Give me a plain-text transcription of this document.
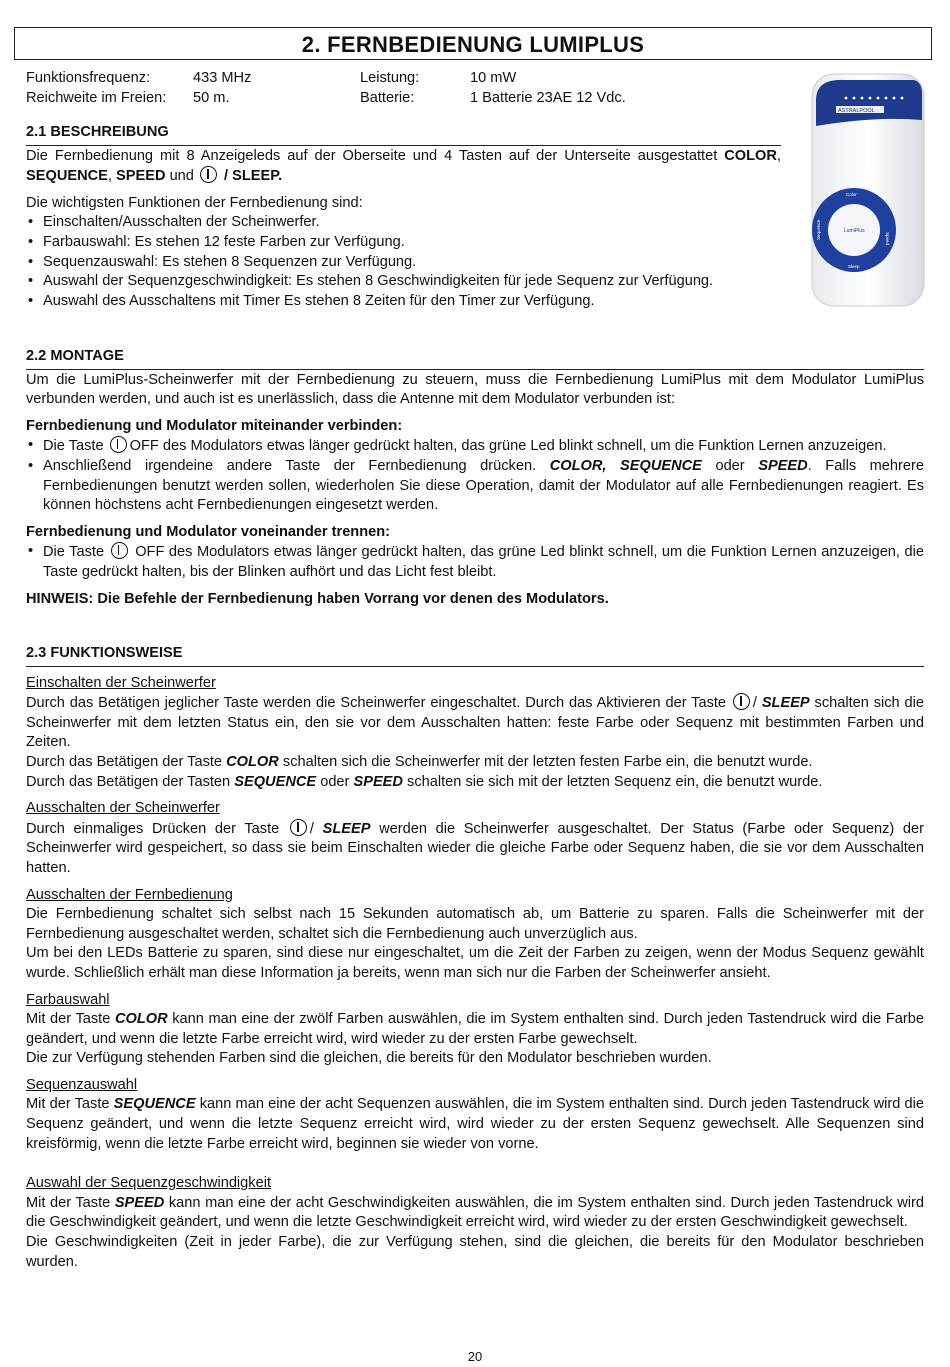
2. FERNBEDIENUNG LUMIPLUS
Funktionsfrequenz:	433 MHz	Leistung:	10 mW
Reichweite im Freien:	50 m.	Batterie:	1 Batterie 23AE 12 Vdc.
2.1 BESCHREIBUNG

Die Fernbedienung mit 8 Anzeigeleds auf der Oberseite und 4 Tasten auf der Unterseite ausgestattet COLOR, SEQUENCE, SPEED und / SLEEP.

Die wichtigsten Funktionen der Fernbedienung sind:

• Einschalten/Ausschalten der Scheinwerfer.
• Farbauswahl: Es stehen 12 feste Farben zur Verfügung.
• Sequenzauswahl: Es stehen 8 Sequenzen zur Verfügung.
• Auswahl der Sequenzgeschwindigkeit: Es stehen 8 Geschwindigkeiten für jede Sequenz zur Verfügung.
• Auswahl des Ausschaltens mit Timer Es stehen 8 Zeiten für den Timer zur Verfügung.
ASTRALPOOL
LumiPlus
Color
Speed
Sequence
Sleep
2.2 MONTAGE

Um die LumiPlus-Scheinwerfer mit der Fernbedienung zu steuern, muss die Fernbedienung LumiPlus mit dem Modulator LumiPlus verbunden werden, und auch ist es unerlässlich, dass die Antenne mit dem Modulator verbunden ist:

Fernbedienung und Modulator miteinander verbinden:

• Die Taste OFF des Modulators etwas länger gedrückt halten, das grüne Led blinkt schnell, um die Funktion Lernen anzuzeigen.
• Anschließend irgendeine andere Taste der Fernbedienung drücken. COLOR, SEQUENCE oder SPEED. Falls mehrere Fernbedienungen benutzt werden sollen, wiederholen Sie diese Operation, damit der Modulator auf alle Fernbedienungen reagiert. Es können höchstens acht Fernbedienungen eingesetzt werden.

Fernbedienung und Modulator voneinander trennen:

• Die Taste OFF des Modulators etwas länger gedrückt halten, das grüne Led blinkt schnell, um die Funktion Lernen anzuzeigen, die Taste gedrückt halten, bis der Blinken aufhört und das Licht fest bleibt.

HINWEIS: Die Befehle der Fernbedienung haben Vorrang vor denen des Modulators.

2.3 FUNKTIONSWEISE

Einschalten der Scheinwerfer

Durch das Betätigen jeglicher Taste werden die Scheinwerfer eingeschaltet. Durch das Aktivieren der Taste / SLEEP schalten sich die Scheinwerfer mit dem letzten Status ein, den sie vor dem Ausschalten hatten: feste Farbe oder Sequenz mit bestimmten Farben und Zeiten.

Durch das Betätigen der Taste COLOR schalten sich die Scheinwerfer mit der letzten festen Farbe ein, die benutzt wurde.

Durch das Betätigen der Tasten SEQUENCE oder SPEED schalten sie sich mit der letzten Sequenz ein, die benutzt wurde.

Ausschalten der Scheinwerfer

Durch einmaliges Drücken der Taste / SLEEP werden die Scheinwerfer ausgeschaltet. Der Status (Farbe oder Sequenz) der Scheinwerfer wird gespeichert, so dass sie beim Einschalten wieder die gleiche Farbe oder Sequenz haben, die sie vor dem Ausschalten hatten.

Ausschalten der Fernbedienung

Die Fernbedienung schaltet sich selbst nach 15 Sekunden automatisch ab, um Batterie zu sparen. Falls die Scheinwerfer mit der Fernbedienung ausgeschaltet werden, schaltet sich die Fernbedienung auch unverzüglich aus.

Um bei den LEDs Batterie zu sparen, sind diese nur eingeschaltet, um die Zeit der Farben zu zeigen, wenn der Modus Sequenz gewählt wurde. Schließlich erhält man diese Information ja bereits, wenn man sich nur die Farben der Scheinwerfer ansieht.

Farbauswahl

Mit der Taste COLOR kann man eine der zwölf Farben auswählen, die im System enthalten sind. Durch jeden Tastendruck wird die Farbe geändert, und wenn die letzte Farbe erreicht wird, wird wieder zu der ersten Farbe gewechselt.

Die zur Verfügung stehenden Farben sind die gleichen, die bereits für den Modulator beschrieben wurden.

Sequenzauswahl

Mit der Taste SEQUENCE kann man eine der acht Sequenzen auswählen, die im System enthalten sind. Durch jeden Tastendruck wird die Sequenz geändert, und wenn die letzte Sequenz erreicht wird, wird wieder zu der ersten Sequenz gewechselt. Alle Sequenzen sind kreisförmig, wenn die letzte Farbe erreicht wird, beginnen sie wieder von vorne.

Auswahl der Sequenzgeschwindigkeit

Mit der Taste SPEED kann man eine der acht Geschwindigkeiten auswählen, die im System enthalten sind. Durch jeden Tastendruck wird die Geschwindigkeit geändert, und wenn die letzte Geschwindigkeit erreicht wird, wird wieder zu der ersten Geschwindigkeit gewechselt.

Die Geschwindigkeiten (Zeit in jeder Farbe), die zur Verfügung stehen, sind die gleichen, die bereits für den Modulator beschrieben wurden.

20
